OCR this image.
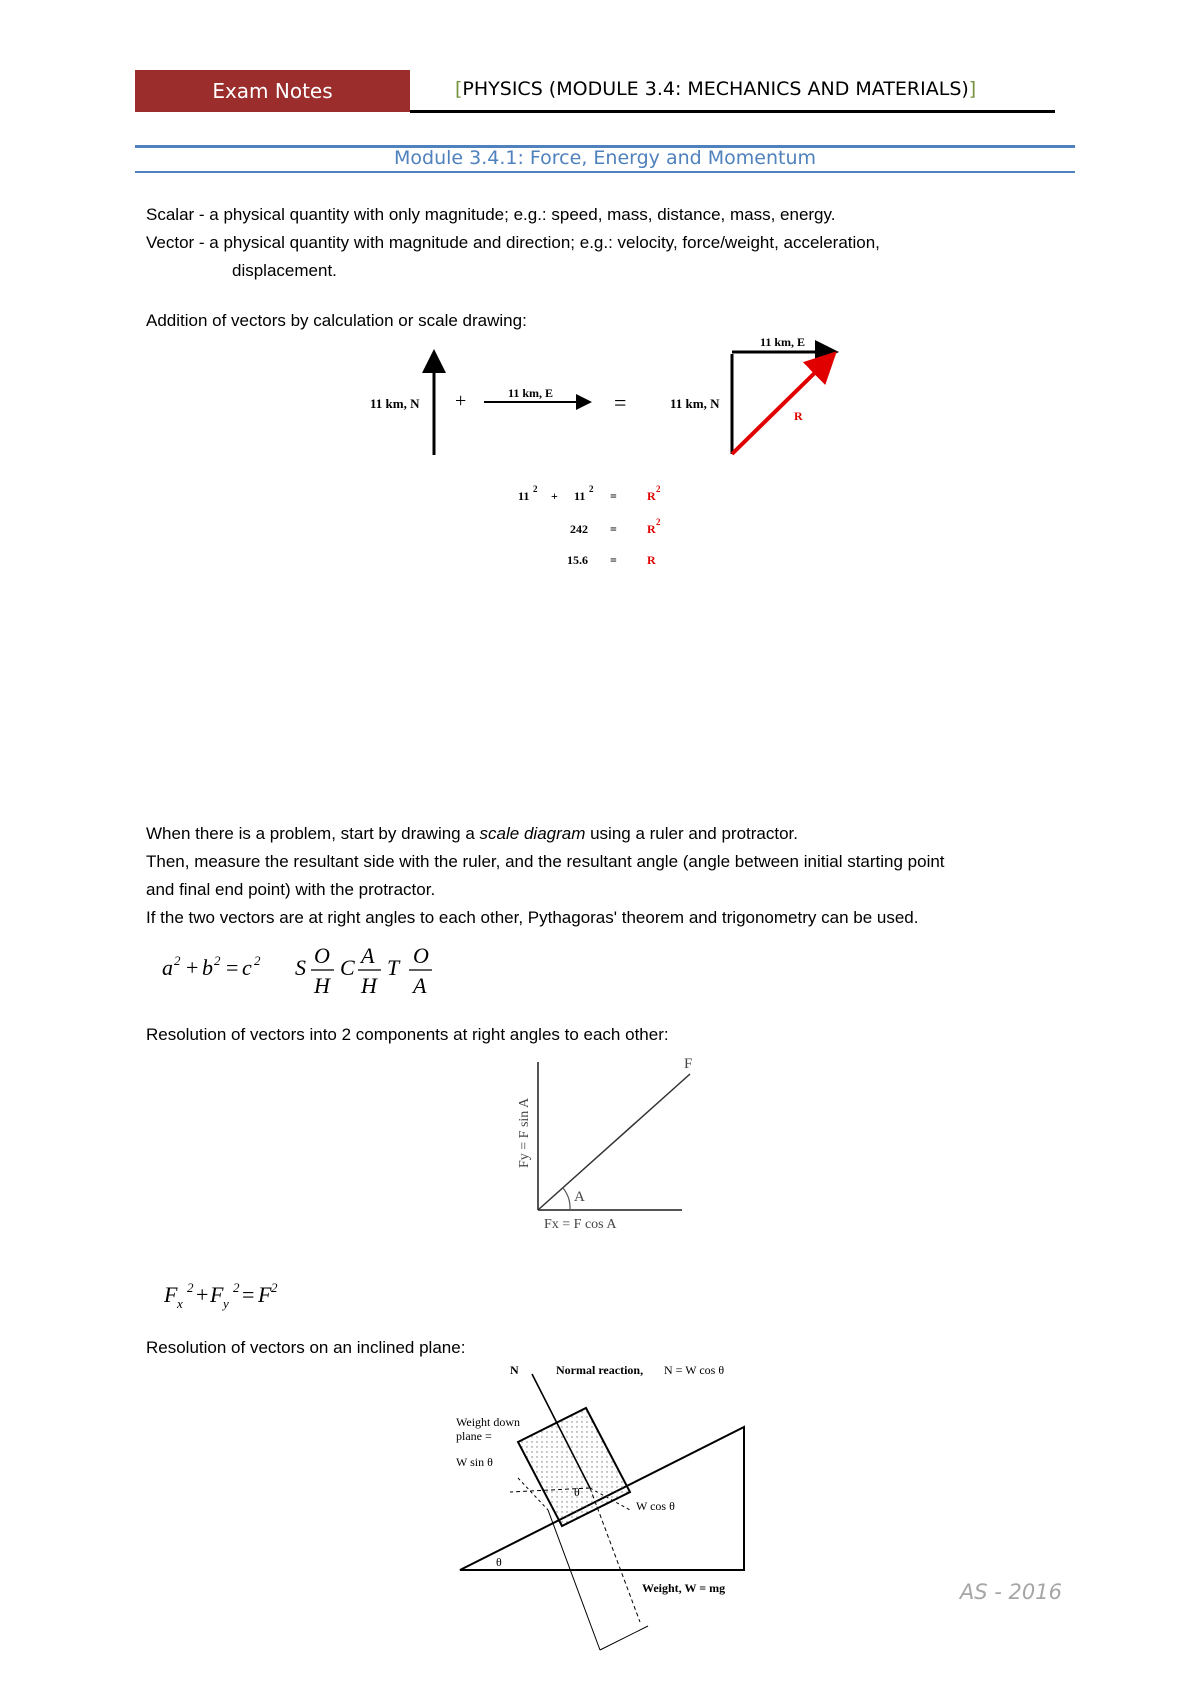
Exam Notes	[PHYSICS (MODULE 3.4: MECHANICS AND MATERIALS)]
Module 3.4.1: Force, Energy and Momentum
Scalar - a physical quantity with only magnitude; e.g.: speed, mass, distance, mass, energy.
Vector - a physical quantity with magnitude and direction; e.g.: velocity, force/weight, acceleration,
displacement.
Addition of vectors by calculation or scale drawing:
11 km, N +	11 km, E	=	11 km, N
11 km, E
R
11 2 + 11 2 =	R 2
242 =	R 2
15.6 =	R
When there is a problem, start by drawing a scale diagram using a ruler and protractor.
Then, measure the resultant side with the ruler, and the resultant angle (angle between initial starting point
and final end point) with the protractor.
If the two vectors are at right angles to each other, Pythagoras' theorem and trigonometry can be used.
a 2 + b 2 = c 2 S O
H
C A
H
T O
A
Resolution of vectors into 2 components at right angles to each other:
F
A
Fx = F cos A
Fy = F sin A
F x
2 + F y
2 = F 2
Resolution of vectors on an inclined plane:
N	Normal reaction, N = W cos θ
Weight down
plane =
W sin θ
θ
W cos θ
θ
Weight, W = mg	AS - 2016
